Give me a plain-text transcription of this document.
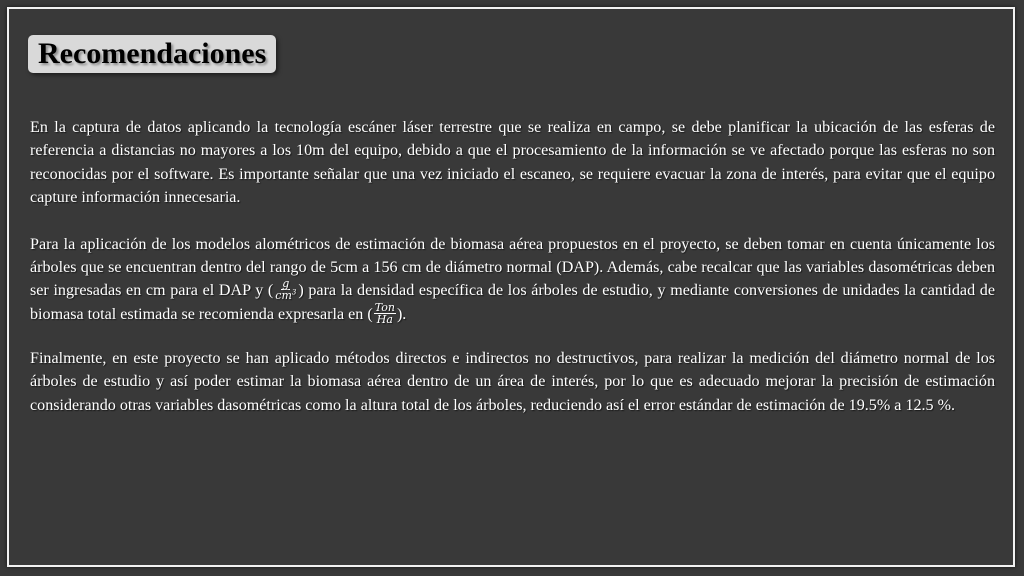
Recomendaciones

En la captura de datos aplicando la tecnología escáner láser terrestre que se realiza en campo, se debe planificar la ubicación de las esferas de referencia a distancias no mayores a los 10m del equipo, debido a que el procesamiento de la información se ve afectado porque las esferas no son reconocidas por el software. Es importante señalar que una vez iniciado el escaneo, se requiere evacuar la zona de interés, para evitar que el equipo capture información innecesaria.

Para la aplicación de los modelos alométricos de estimación de biomasa aérea propuestos en el proyecto, se deben tomar en cuenta únicamente los árboles que se encuentran dentro del rango de 5cm a 156 cm de diámetro normal (DAP). Además, cabe recalcar que las variables dasométricas deben ser ingresadas en cm para el DAP y ( $\frac{g}{cm^3}$ ) para la densidad específica de los árboles de estudio, y mediante conversiones de unidades la cantidad de biomasa total estimada se recomienda expresarla en ( $\frac{\text{Ton}}{Ha}$ ).

Finalmente, en este proyecto se han aplicado métodos directos e indirectos no destructivos, para realizar la medición del diámetro normal de los árboles de estudio y así poder estimar la biomasa aérea dentro de un área de interés, por lo que es adecuado mejorar la precisión de estimación considerando otras variables dasométricas como la altura total de los árboles, reduciendo así el error estándar de estimación de 19.5% a 12.5 %.
